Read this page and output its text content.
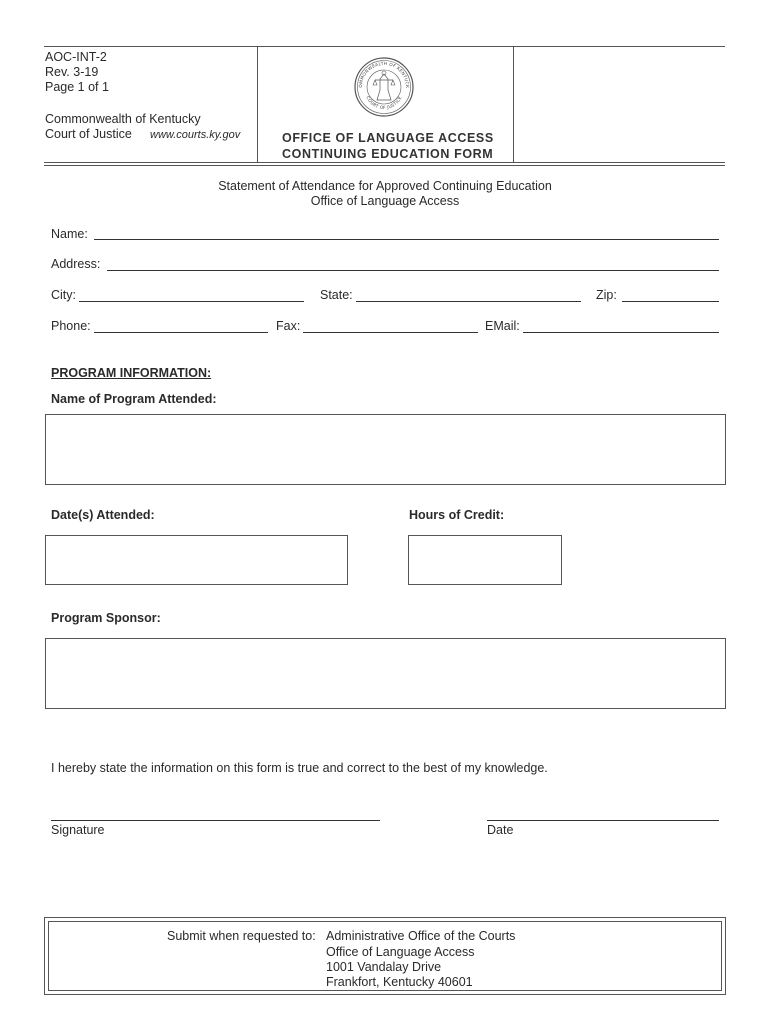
AOC-INT-2
Rev. 3-19
Page 1 of 1
Commonwealth of Kentucky
Court of Justice www.courts.ky.gov
OMMONWEALTH OF KENTUCK
COURT OF JUSTICE
OFFICE OF LANGUAGE ACCESS
CONTINUING EDUCATION FORM
Statement of Attendance for Approved Continuing Education
Office of Language Access
Name:
Address:
City:	State:	Zip:
Phone:	Fax:	EMail:
PROGRAM INFORMATION:
Name of Program Attended:
Date(s) Attended:	Hours of Credit:
Program Sponsor:
I hereby state the information on this form is true and correct to the best of my knowledge.
Signature	Date
Submit when requested to: Administrative Office of the Courts
Office of Language Access
1001 Vandalay Drive
Frankfort, Kentucky 40601
